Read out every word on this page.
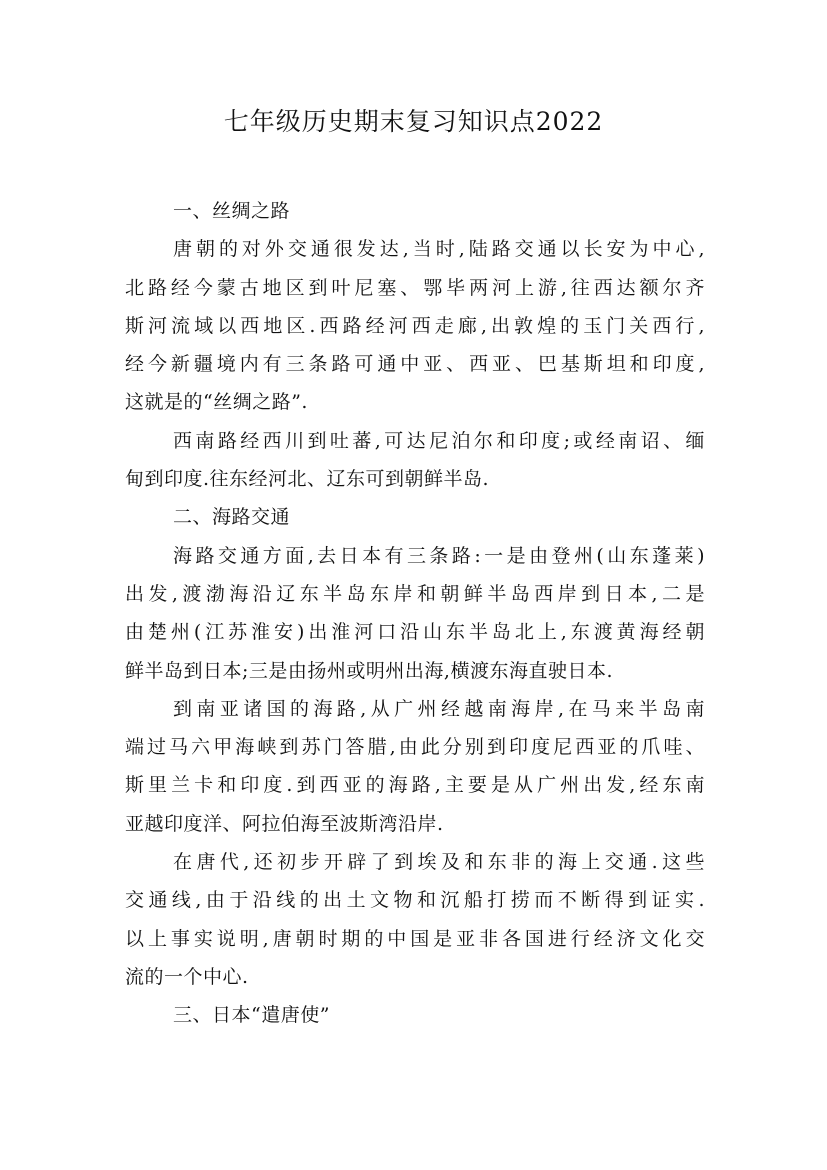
七年级历史期末复习知识点2022
一、丝绸之路
唐朝的对外交通很发达,当时,陆路交通以长安为中心,
北路经今蒙古地区到叶尼塞、鄂毕两河上游,往西达额尔齐
斯河流域以西地区.西路经河西走廊,出敦煌的玉门关西行,
经今新疆境内有三条路可通中亚、西亚、巴基斯坦和印度,
这就是的“丝绸之路”.
西南路经西川到吐蕃,可达尼泊尔和印度;或经南诏、缅
甸到印度.往东经河北、辽东可到朝鲜半岛.
二、海路交通
海路交通方面,去日本有三条路:一是由登州(山东蓬莱)
出发,渡渤海沿辽东半岛东岸和朝鲜半岛西岸到日本,二是
由楚州(江苏淮安)出淮河口沿山东半岛北上,东渡黄海经朝
鲜半岛到日本;三是由扬州或明州出海,横渡东海直驶日本.
到南亚诸国的海路,从广州经越南海岸,在马来半岛南
端过马六甲海峡到苏门答腊,由此分别到印度尼西亚的爪哇、
斯里兰卡和印度.到西亚的海路,主要是从广州出发,经东南
亚越印度洋、阿拉伯海至波斯湾沿岸.
在唐代,还初步开辟了到埃及和东非的海上交通.这些
交通线,由于沿线的出土文物和沉船打捞而不断得到证实.
以上事实说明,唐朝时期的中国是亚非各国进行经济文化交
流的一个中心.
三、日本“遣唐使”
